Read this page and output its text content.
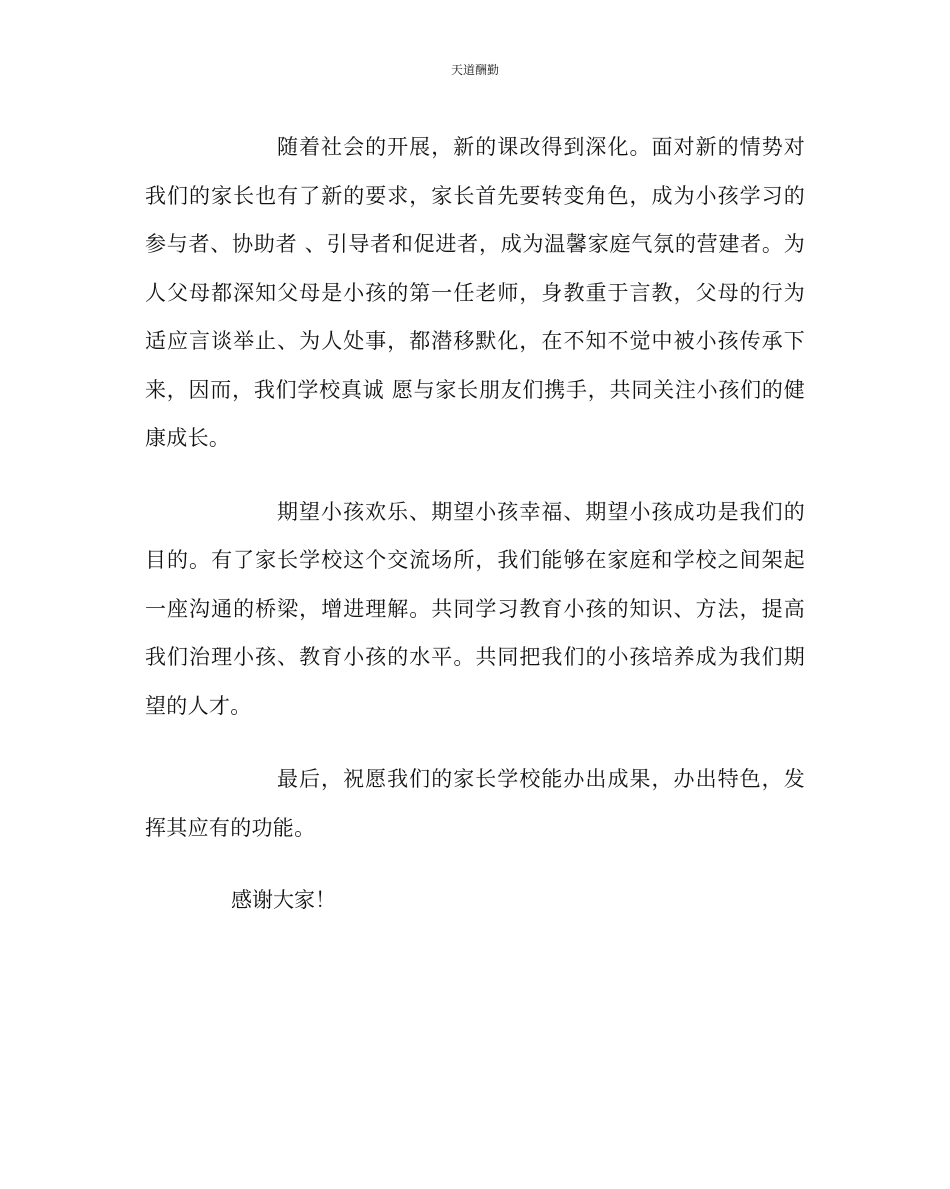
天道酬勤

随着社会的开展，新的课改得到深化。面对新的情势对我们的家长也有了新的要求，家长首先要转变角色，成为小孩学习的参与者、协助者 、引导者和促进者，成为温馨家庭气氛的营建者。为人父母都深知父母是小孩的第一任老师，身教重于言教，父母的行为适应言谈举止、为人处事，都潜移默化，在不知不觉中被小孩传承下来，因而，我们学校真诚 愿与家长朋友们携手，共同关注小孩们的健康成长。

期望小孩欢乐、期望小孩幸福、期望小孩成功是我们的目的。有了家长学校这个交流场所，我们能够在家庭和学校之间架起一座沟通的桥梁，增进理解。共同学习教育小孩的知识、方法，提高我们治理小孩、教育小孩的水平。共同把我们的小孩培养成为我们期望的人才。

最后，祝愿我们的家长学校能办出成果，办出特色，发挥其应有的功能。

感谢大家！
